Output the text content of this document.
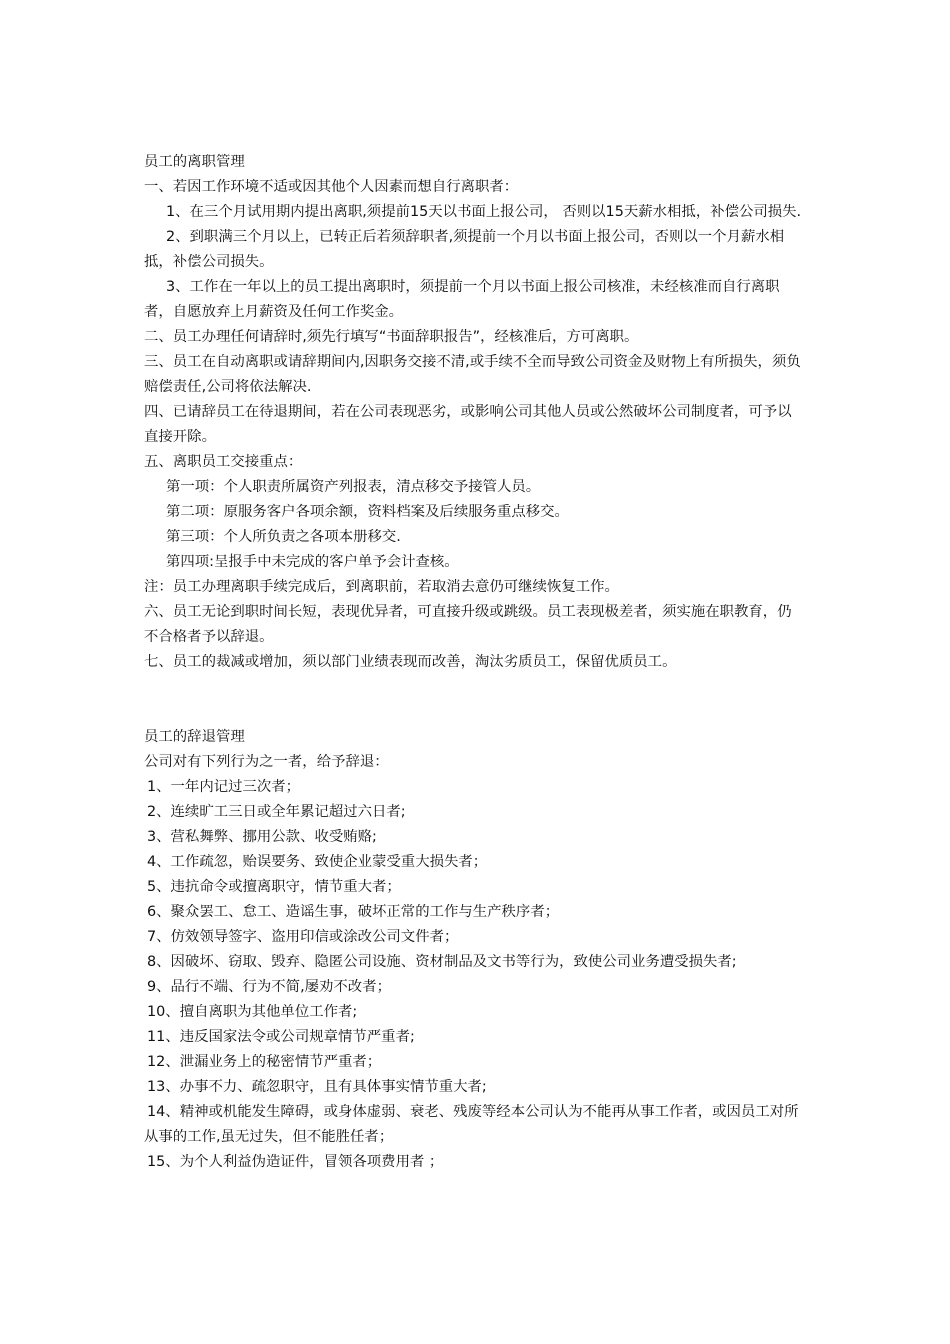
员工的离职管理

一、若因工作环境不适或因其他个人因素而想自行离职者：

1、在三个月试用期内提出离职,须提前15天以书面上报公司， 否则以15天薪水相抵，补偿公司损失.

2、到职满三个月以上，已转正后若须辞职者,须提前一个月以书面上报公司，否则以一个月薪水相抵，补偿公司损失。

3、工作在一年以上的员工提出离职时，须提前一个月以书面上报公司核准，未经核准而自行离职者，自愿放弃上月薪资及任何工作奖金。

二、员工办理任何请辞时,须先行填写“书面辞职报告”，经核准后，方可离职。

三、员工在自动离职或请辞期间内,因职务交接不清,或手续不全而导致公司资金及财物上有所损失，须负赔偿责任,公司将依法解决.

四、已请辞员工在待退期间，若在公司表现恶劣，或影响公司其他人员或公然破坏公司制度者，可予以直接开除。

五、离职员工交接重点：

第一项：个人职责所属资产列报表，清点移交予接管人员。

第二项：原服务客户各项余额，资料档案及后续服务重点移交。

第三项：个人所负责之各项本册移交.

第四项:呈报手中未完成的客户单予会计查核。

注：员工办理离职手续完成后，到离职前，若取消去意仍可继续恢复工作。

六、员工无论到职时间长短，表现优异者，可直接升级或跳级。员工表现极差者，须实施在职教育，仍不合格者予以辞退。

七、员工的裁减或增加，须以部门业绩表现而改善，淘汰劣质员工，保留优质员工。

员工的辞退管理

公司对有下列行为之一者，给予辞退：

1、一年内记过三次者；

2、连续旷工三日或全年累记超过六日者;

3、营私舞弊、挪用公款、收受贿赂;

4、工作疏忽，贻误要务、致使企业蒙受重大损失者；

5、违抗命令或擅离职守，情节重大者；

6、聚众罢工、怠工、造谣生事，破坏正常的工作与生产秩序者；

7、仿效领导签字、盗用印信或涂改公司文件者；

8、因破坏、窃取、毁弃、隐匿公司设施、资材制品及文书等行为，致使公司业务遭受损失者;

9、品行不端、行为不简,屡劝不改者；

10、擅自离职为其他单位工作者;

11、违反国家法令或公司规章情节严重者;

12、泄漏业务上的秘密情节严重者；

13、办事不力、疏忽职守，且有具体事实情节重大者;

14、精神或机能发生障碍，或身体虚弱、衰老、残废等经本公司认为不能再从事工作者，或因员工对所从事的工作,虽无过失，但不能胜任者；

15、为个人利益伪造证件，冒领各项费用者 ；
